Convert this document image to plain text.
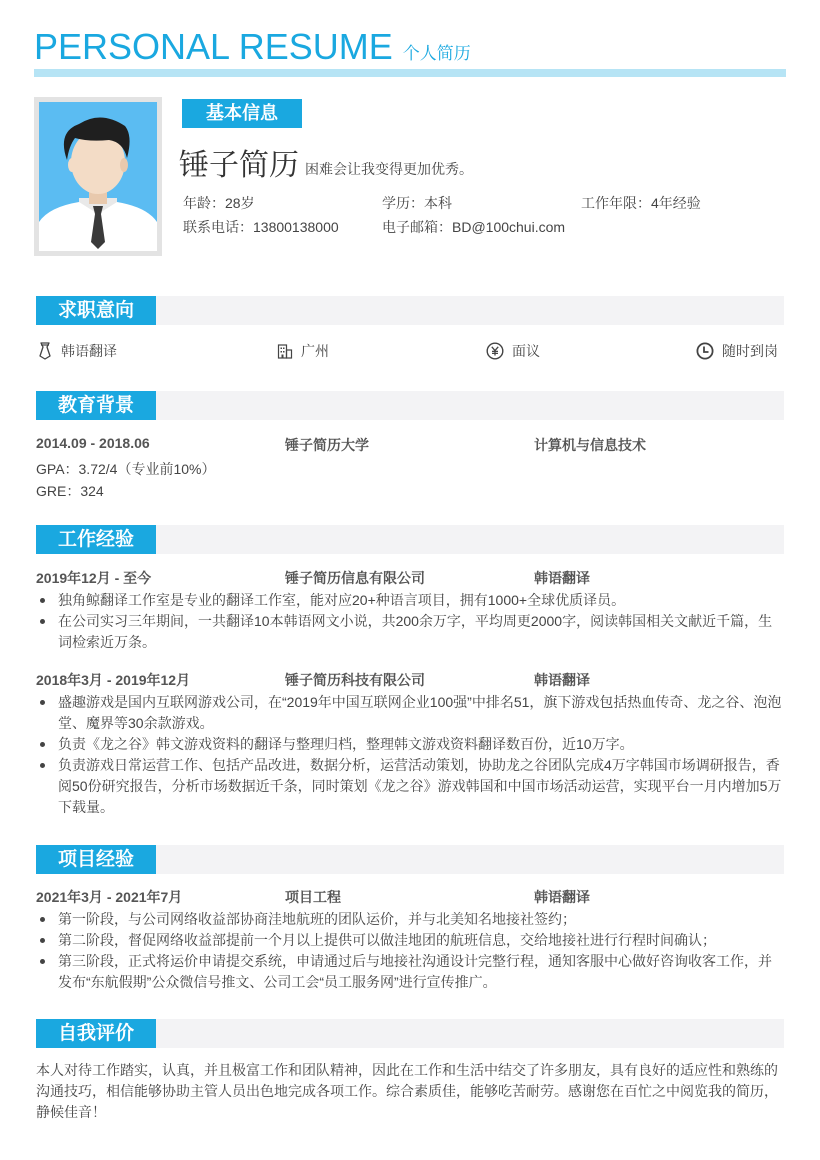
PERSONAL RESUME 个人简历
基本信息
锤子简历 困难会让我变得更加优秀。
年龄：28岁	学历：本科	工作年限：4年经验
联系电话：13800138000	电子邮箱：BD@100chui.com
求职意向
韩语翻译	广州	面议	随时到岗
教育背景
2014.09 - 2018.06	锤子简历大学	计算机与信息技术
GPA：3.72/4（专业前10%）
GRE：324
工作经验
2019年12月 - 至今	锤子简历信息有限公司	韩语翻译
独角鲸翻译工作室是专业的翻译工作室，能对应20+种语言项目，拥有1000+全球优质译员。
在公司实习三年期间，一共翻译10本韩语网文小说，共200余万字，平均周更2000字，阅读韩国相关文献近千篇，生词检索近万条。
2018年3月 - 2019年12月	锤子简历科技有限公司	韩语翻译
盛趣游戏是国内互联网游戏公司，在“2019年中国互联网企业100强”中排名51，旗下游戏包括热血传奇、龙之谷、泡泡堂、魔界等30余款游戏。
负责《龙之谷》韩文游戏资料的翻译与整理归档，整理韩文游戏资料翻译数百份，近10万字。
负责游戏日常运营工作、包括产品改进，数据分析，运营活动策划，协助龙之谷团队完成4万字韩国市场调研报告，香阅50份研究报告，分析市场数据近千条，同时策划《龙之谷》游戏韩国和中国市场活动运营，实现平台一月内增加5万下载量。
项目经验
2021年3月 - 2021年7月	项目工程	韩语翻译
第一阶段，与公司网络收益部协商洼地航班的团队运价，并与北美知名地接社签约；
第二阶段，督促网络收益部提前一个月以上提供可以做洼地团的航班信息，交给地接社进行行程时间确认；
第三阶段，正式将运价申请提交系统，申请通过后与地接社沟通设计完整行程，通知客服中心做好咨询收客工作，并发布“东航假期”公众微信号推文、公司工会“员工服务网”进行宣传推广。
自我评价
本人对待工作踏实，认真，并且极富工作和团队精神，因此在工作和生活中结交了许多朋友，具有良好的适应性和熟练的沟通技巧，相信能够协助主管人员出色地完成各项工作。综合素质佳，能够吃苦耐劳。感谢您在百忙之中阅览我的简历，静候佳音！
